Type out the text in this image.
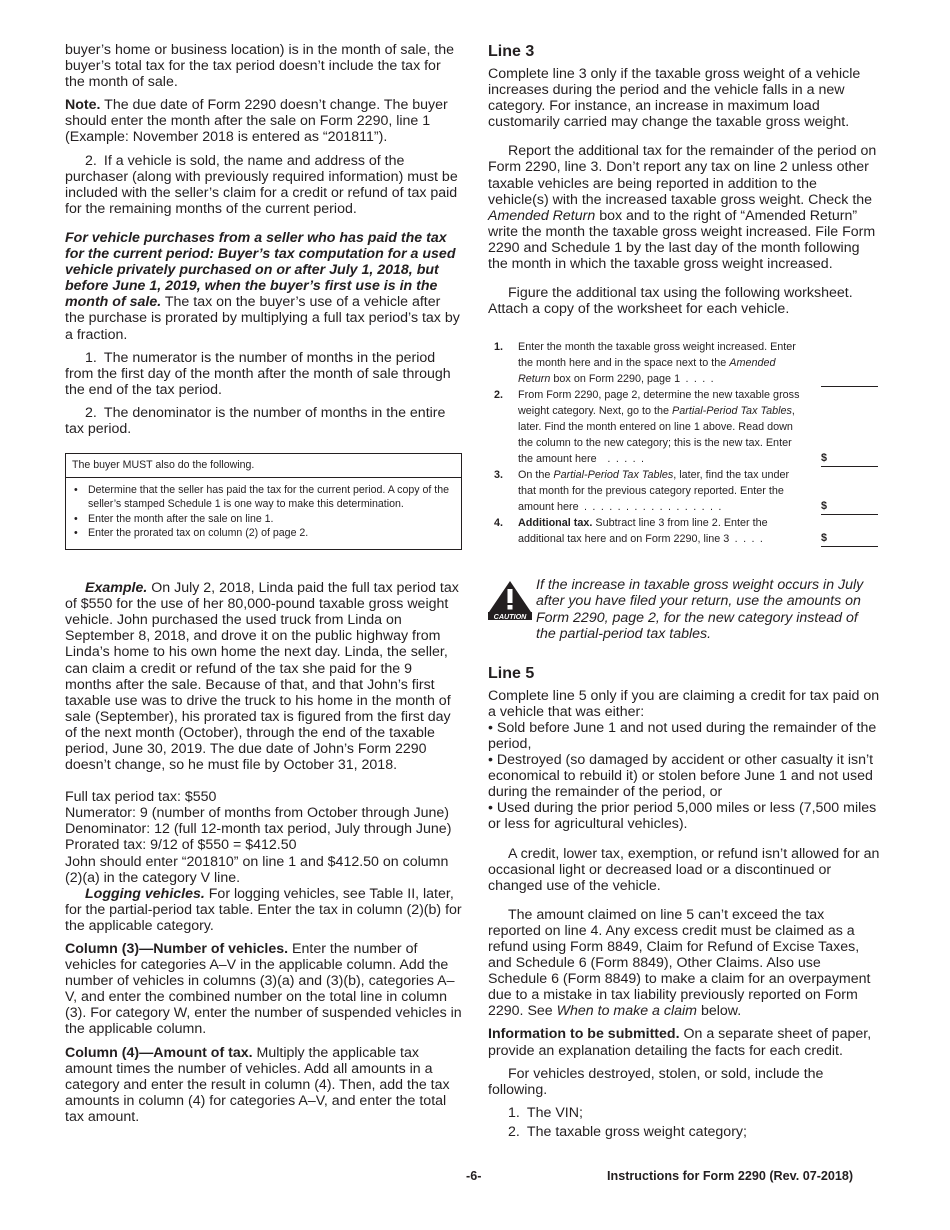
buyer’s home or business location) is in the month of sale, the buyer’s total tax for the tax period doesn’t include the tax for the month of sale.

Note. The due date of Form 2290 doesn’t change. The buyer should enter the month after the sale on Form 2290, line 1 (Example: November 2018 is entered as “201811”).

2. If a vehicle is sold, the name and address of the purchaser (along with previously required information) must be included with the seller’s claim for a credit or refund of tax paid for the remaining months of the current period.

For vehicle purchases from a seller who has paid the tax for the current period: Buyer’s tax computation for a used vehicle privately purchased on or after July 1, 2018, but before June 1, 2019, when the buyer’s first use is in the month of sale. The tax on the buyer’s use of a vehicle after the purchase is prorated by multiplying a full tax period’s tax by a fraction.

1. The numerator is the number of months in the period from the first day of the month after the month of sale through the end of the tax period.

2. The denominator is the number of months in the entire tax period.

The buyer MUST also do the following.
• Determine that the seller has paid the tax for the current period. A copy of the seller’s stamped Schedule 1 is one way to make this determination.
• Enter the month after the sale on line 1.
• Enter the prorated tax on column (2) of page 2.

Example. On July 2, 2018, Linda paid the full tax period tax of $550 for the use of her 80,000-pound taxable gross weight vehicle. John purchased the used truck from Linda on September 8, 2018, and drove it on the public highway from Linda’s home to his own home the next day. Linda, the seller, can claim a credit or refund of the tax she paid for the 9 months after the sale. Because of that, and that John’s first taxable use was to drive the truck to his home in the month of sale (September), his prorated tax is figured from the first day of the next month (October), through the end of the taxable period, June 30, 2019. The due date of John’s Form 2290 doesn’t change, so he must file by October 31, 2018.

Full tax period tax: $550

Numerator: 9 (number of months from October through June)

Denominator: 12 (full 12-month tax period, July through June)

Prorated tax: 9/12 of $550 = $412.50

John should enter “201810” on line 1 and $412.50 on column (2)(a) in the category V line.

Logging vehicles. For logging vehicles, see Table II, later, for the partial-period tax table. Enter the tax in column (2)(b) for the applicable category.

Column (3)—Number of vehicles. Enter the number of vehicles for categories A–V in the applicable column. Add the number of vehicles in columns (3)(a) and (3)(b), categories A–V, and enter the combined number on the total line in column (3). For category W, enter the number of suspended vehicles in the applicable column.

Column (4)—Amount of tax. Multiply the applicable tax amount times the number of vehicles. Add all amounts in a category and enter the result in column (4). Then, add the tax amounts in column (4) for categories A–V, and enter the total tax amount.

Line 3

Complete line 3 only if the taxable gross weight of a vehicle increases during the period and the vehicle falls in a new category. For instance, an increase in maximum load customarily carried may change the taxable gross weight.

Report the additional tax for the remainder of the period on Form 2290, line 3. Don’t report any tax on line 2 unless other taxable vehicles are being reported in addition to the vehicle(s) with the increased taxable gross weight. Check the Amended Return box and to the right of “Amended Return” write the month the taxable gross weight increased. File Form 2290 and Schedule 1 by the last day of the month following the month in which the taxable gross weight increased.

Figure the additional tax using the following worksheet. Attach a copy of the worksheet for each vehicle.

1. Enter the month the taxable gross weight increased. Enter the month here and in the space next to the Amended Return box on Form 2290, page 1 . . . .
2. From Form 2290, page 2, determine the new taxable gross weight category. Next, go to the Partial-Period Tax Tables, later. Find the month entered on line 1 above. Read down the column to the new category; this is the new tax. Enter the amount here  . . . . .	$
3. On the Partial-Period Tax Tables, later, find the tax under that month for the previous category reported. Enter the amount here . . . . . . . . . . . . . . . . .	$
4. Additional tax. Subtract line 3 from line 2. Enter the additional tax here and on Form 2290, line 3 . . . .	$
CAUTION
If the increase in taxable gross weight occurs in July after you have filed your return, use the amounts on Form 2290, page 2, for the new category instead of the partial-period tax tables.
Line 5

Complete line 5 only if you are claiming a credit for tax paid on a vehicle that was either:

• Sold before June 1 and not used during the remainder of the period,

• Destroyed (so damaged by accident or other casualty it isn’t economical to rebuild it) or stolen before June 1 and not used during the remainder of the period, or

• Used during the prior period 5,000 miles or less (7,500 miles or less for agricultural vehicles).

A credit, lower tax, exemption, or refund isn’t allowed for an occasional light or decreased load or a discontinued or changed use of the vehicle.

The amount claimed on line 5 can’t exceed the tax reported on line 4. Any excess credit must be claimed as a refund using Form 8849, Claim for Refund of Excise Taxes, and Schedule 6 (Form 8849), Other Claims. Also use Schedule 6 (Form 8849) to make a claim for an overpayment due to a mistake in tax liability previously reported on Form 2290. See When to make a claim below.

Information to be submitted. On a separate sheet of paper, provide an explanation detailing the facts for each credit.

For vehicles destroyed, stolen, or sold, include the following.

1. The VIN;

2. The taxable gross weight category;

-6-	Instructions for Form 2290 (Rev. 07-2018)
